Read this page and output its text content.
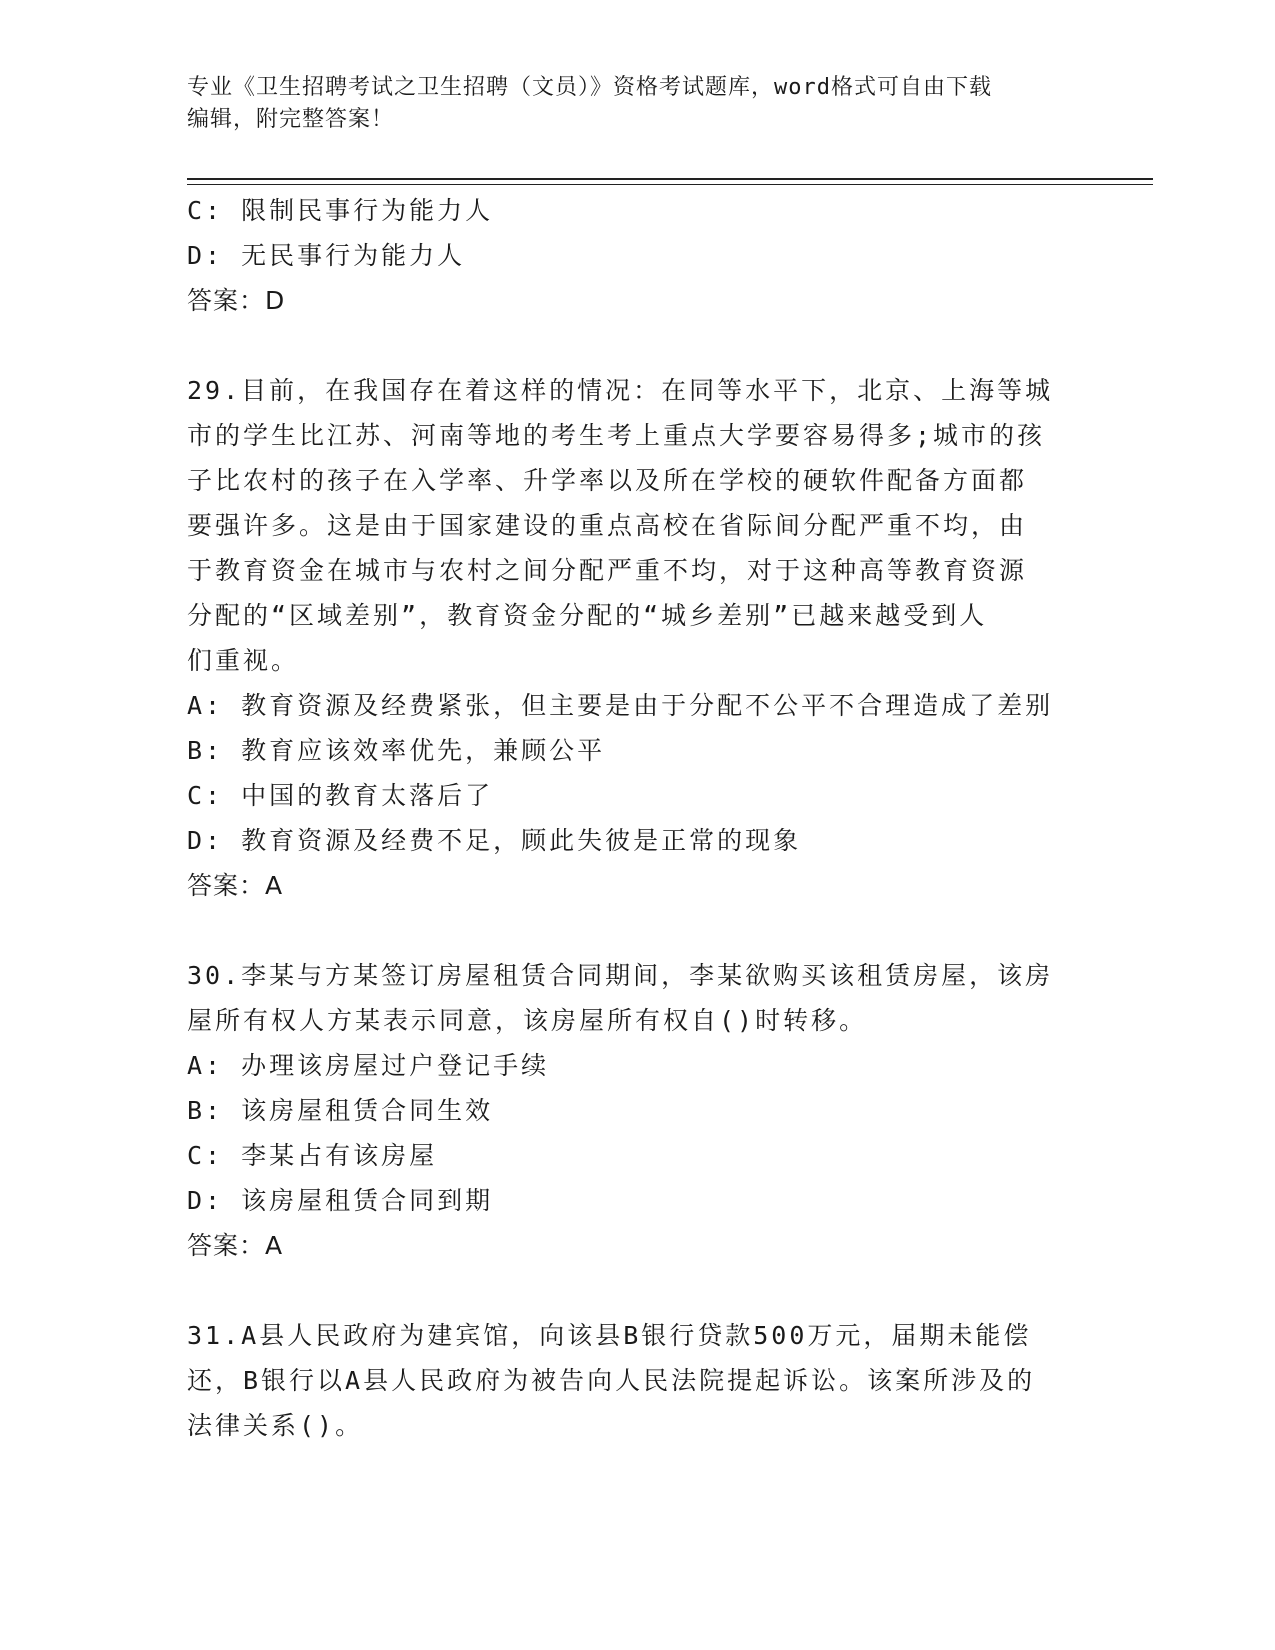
专业《卫生招聘考试之卫生招聘（文员）》资格考试题库，word格式可自由下载
编辑，附完整答案！
C: 限制民事行为能力人
D: 无民事行为能力人
答案：D
29.目前，在我国存在着这样的情况：在同等水平下，北京、上海等城
市的学生比江苏、河南等地的考生考上重点大学要容易得多;城市的孩
子比农村的孩子在入学率、升学率以及所在学校的硬软件配备方面都
要强许多。这是由于国家建设的重点高校在省际间分配严重不均，由
于教育资金在城市与农村之间分配严重不均，对于这种高等教育资源
分配的“区域差别”，教育资金分配的“城乡差别”已越来越受到人
们重视。
A: 教育资源及经费紧张，但主要是由于分配不公平不合理造成了差别
B: 教育应该效率优先，兼顾公平
C: 中国的教育太落后了
D: 教育资源及经费不足，顾此失彼是正常的现象
答案：A
30.李某与方某签订房屋租赁合同期间，李某欲购买该租赁房屋，该房
屋所有权人方某表示同意，该房屋所有权自()时转移。
A: 办理该房屋过户登记手续
B: 该房屋租赁合同生效
C: 李某占有该房屋
D: 该房屋租赁合同到期
答案：A
31.A县人民政府为建宾馆，向该县B银行贷款500万元，届期未能偿
还，B银行以A县人民政府为被告向人民法院提起诉讼。该案所涉及的
法律关系()。
